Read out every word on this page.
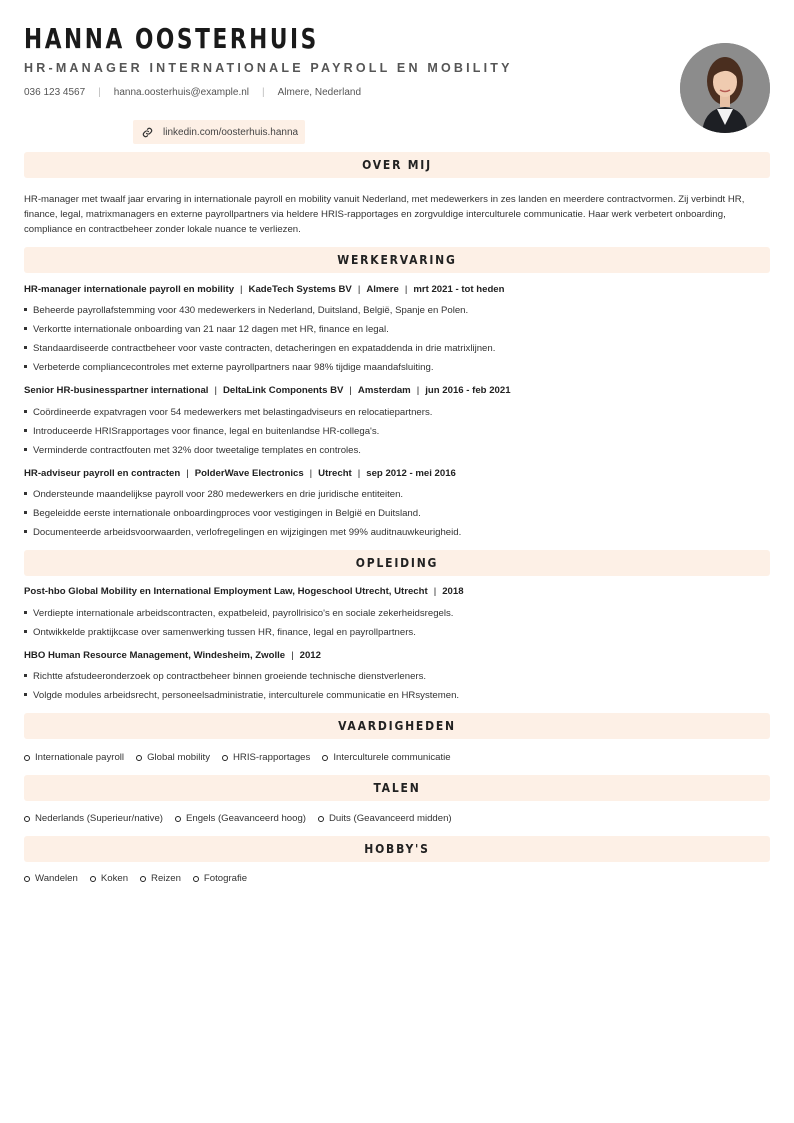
HANNA OOSTERHUIS
HR-MANAGER INTERNATIONALE PAYROLL EN MOBILITY
036 123 4567 | hanna.oosterhuis@example.nl | Almere, Nederland
linkedin.com/oosterhuis.hanna
OVER MIJ

HR-manager met twaalf jaar ervaring in internationale payroll en mobility vanuit Nederland, met medewerkers in zes landen en meerdere contractvormen. Zij verbindt HR, finance, legal, matrixmanagers en externe payrollpartners via heldere HRIS-rapportages en zorgvuldige interculturele communicatie. Haar werk verbetert onboarding, compliance en contractbeheer zonder lokale nuance te verliezen.

WERKERVARING
HR-manager internationale payroll en mobility | KadeTech Systems BV | Almere | mrt 2021 - tot heden
Beheerde payrollafstemming voor 430 medewerkers in Nederland, Duitsland, België, Spanje en Polen.
Verkortte internationale onboarding van 21 naar 12 dagen met HR, finance en legal.
Standaardiseerde contractbeheer voor vaste contracten, detacheringen en expataddenda in drie matrixlijnen.
Verbeterde compliancecontroles met externe payrollpartners naar 98% tijdige maandafsluiting.
Senior HR-businesspartner international | DeltaLink Components BV | Amsterdam | jun 2016 - feb 2021
Coördineerde expatvragen voor 54 medewerkers met belastingadviseurs en relocatiepartners.
Introduceerde HRISrapportages voor finance, legal en buitenlandse HR-collega's.
Verminderde contractfouten met 32% door tweetalige templates en controles.
HR-adviseur payroll en contracten | PolderWave Electronics | Utrecht | sep 2012 - mei 2016
Ondersteunde maandelijkse payroll voor 280 medewerkers en drie juridische entiteiten.
Begeleidde eerste internationale onboardingproces voor vestigingen in België en Duitsland.
Documenteerde arbeidsvoorwaarden, verlofregelingen en wijzigingen met 99% auditnauwkeurigheid.
OPLEIDING
Post-hbo Global Mobility en International Employment Law, Hogeschool Utrecht, Utrecht | 2018
Verdiepte internationale arbeidscontracten, expatbeleid, payrollrisico's en sociale zekerheidsregels.
Ontwikkelde praktijkcase over samenwerking tussen HR, finance, legal en payrollpartners.
HBO Human Resource Management, Windesheim, Zwolle | 2012
Richtte afstudeeronderzoek op contractbeheer binnen groeiende technische dienstverleners.
Volgde modules arbeidsrecht, personeelsadministratie, interculturele communicatie en HRsystemen.
VAARDIGHEDEN
Internationale payroll Global mobility HRIS-rapportages Interculturele communicatie
TALEN
Nederlands (Superieur/native) Engels (Geavanceerd hoog) Duits (Geavanceerd midden)
HOBBY'S
Wandelen Koken Reizen Fotografie
